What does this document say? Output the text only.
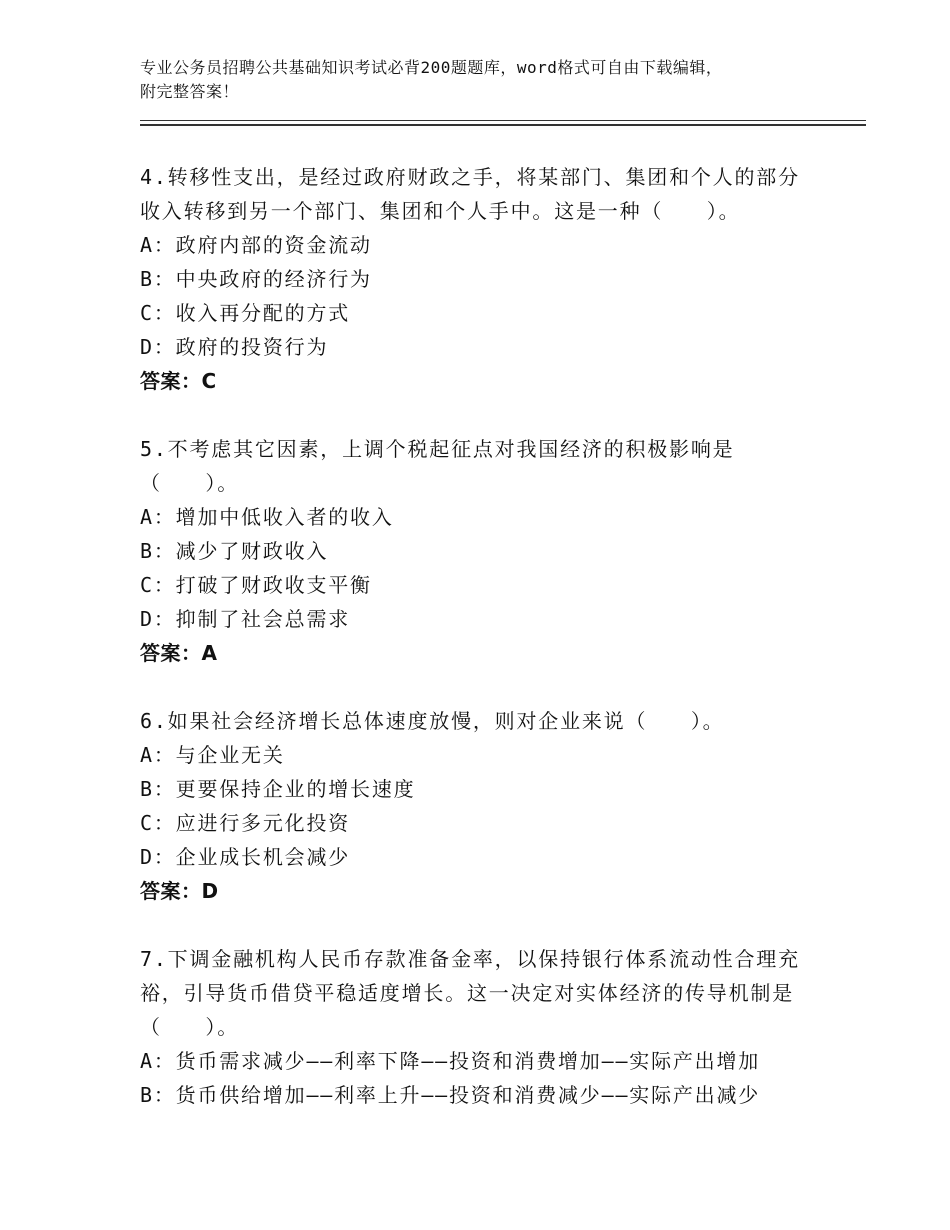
专业公务员招聘公共基础知识考试必背200题题库，word格式可自由下载编辑，
附完整答案！
4.转移性支出，是经过政府财政之手，将某部门、集团和个人的部分
收入转移到另一个部门、集团和个人手中。这是一种（　　）。
A：政府内部的资金流动
B：中央政府的经济行为
C：收入再分配的方式
D：政府的投资行为
答案：C
5.不考虑其它因素，上调个税起征点对我国经济的积极影响是
（　　）。
A：增加中低收入者的收入
B：减少了财政收入
C：打破了财政收支平衡
D：抑制了社会总需求
答案：A
6.如果社会经济增长总体速度放慢，则对企业来说（　　）。
A：与企业无关
B：更要保持企业的增长速度
C：应进行多元化投资
D：企业成长机会减少
答案：D
7.下调金融机构人民币存款准备金率，以保持银行体系流动性合理充
裕，引导货币借贷平稳适度增长。这一决定对实体经济的传导机制是
（　　）。
A：货币需求减少——利率下降——投资和消费增加——实际产出增加
B：货币供给增加——利率上升——投资和消费减少——实际产出减少
